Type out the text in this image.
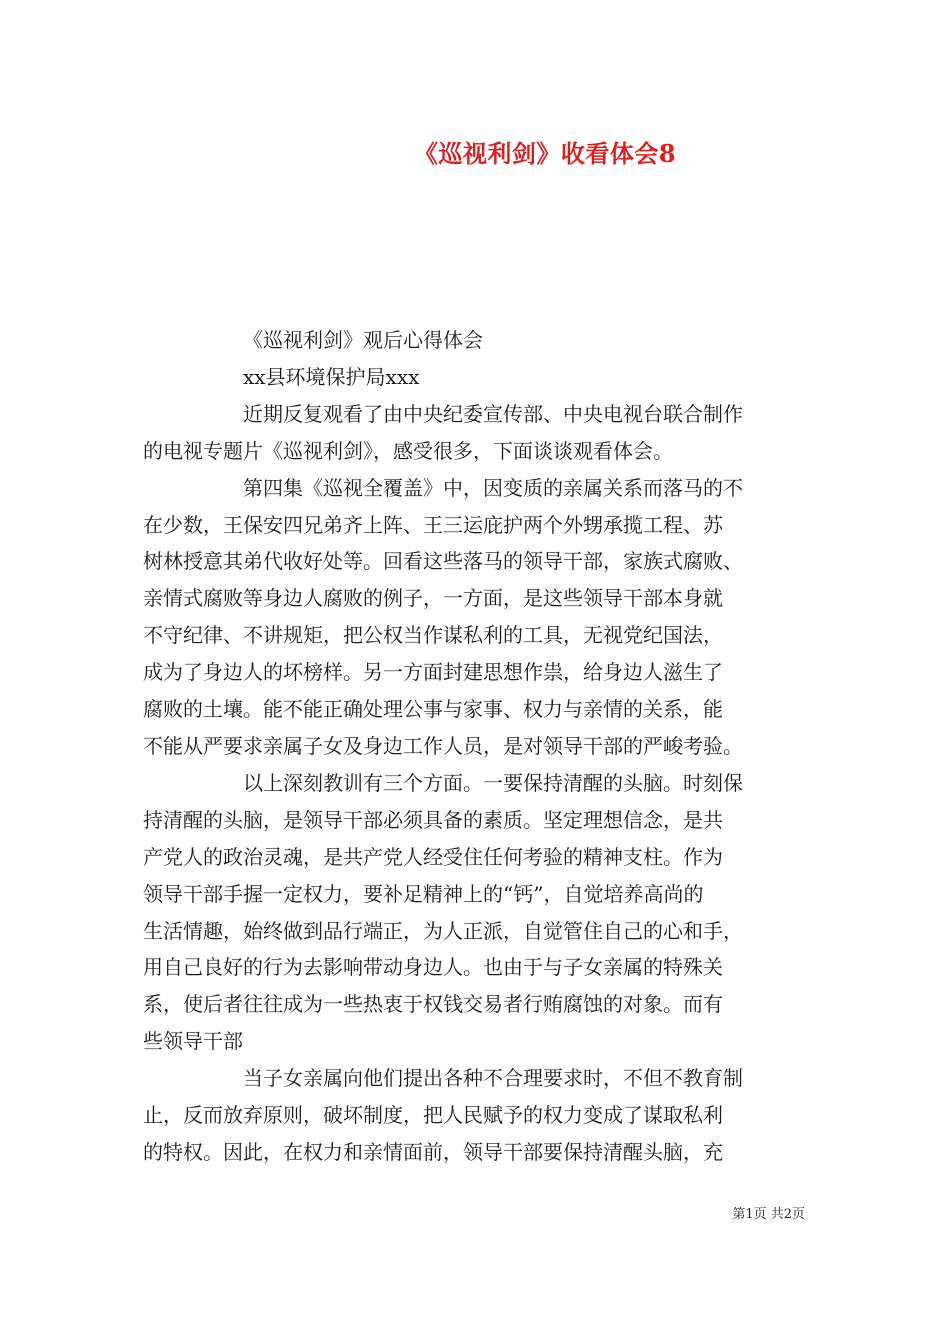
《巡视利剑》收看体会8

《巡视利剑》观后心得体会

xx县环境保护局xxx

近期反复观看了由中央纪委宣传部、中央电视台联合制作

的电视专题片《巡视利剑》，感受很多，下面谈谈观看体会。

第四集《巡视全覆盖》中，因变质的亲属关系而落马的不

在少数，王保安四兄弟齐上阵、王三运庇护两个外甥承揽工程、苏

树林授意其弟代收好处等。回看这些落马的领导干部，家族式腐败、

亲情式腐败等身边人腐败的例子，一方面，是这些领导干部本身就

不守纪律、不讲规矩，把公权当作谋私利的工具，无视党纪国法，

成为了身边人的坏榜样。另一方面封建思想作祟，给身边人滋生了

腐败的土壤。能不能正确处理公事与家事、权力与亲情的关系，能

不能从严要求亲属子女及身边工作人员，是对领导干部的严峻考验。

以上深刻教训有三个方面。一要保持清醒的头脑。时刻保

持清醒的头脑，是领导干部必须具备的素质。坚定理想信念，是共

产党人的政治灵魂，是共产党人经受住任何考验的精神支柱。作为

领导干部手握一定权力，要补足精神上的“钙”，自觉培养高尚的

生活情趣，始终做到品行端正，为人正派，自觉管住自己的心和手，

用自己良好的行为去影响带动身边人。也由于与子女亲属的特殊关

系，使后者往往成为一些热衷于权钱交易者行贿腐蚀的对象。而有

些领导干部

当子女亲属向他们提出各种不合理要求时，不但不教育制

止，反而放弃原则，破坏制度，把人民赋予的权力变成了谋取私利

的特权。因此，在权力和亲情面前，领导干部要保持清醒头脑，充

第1页 共2页
